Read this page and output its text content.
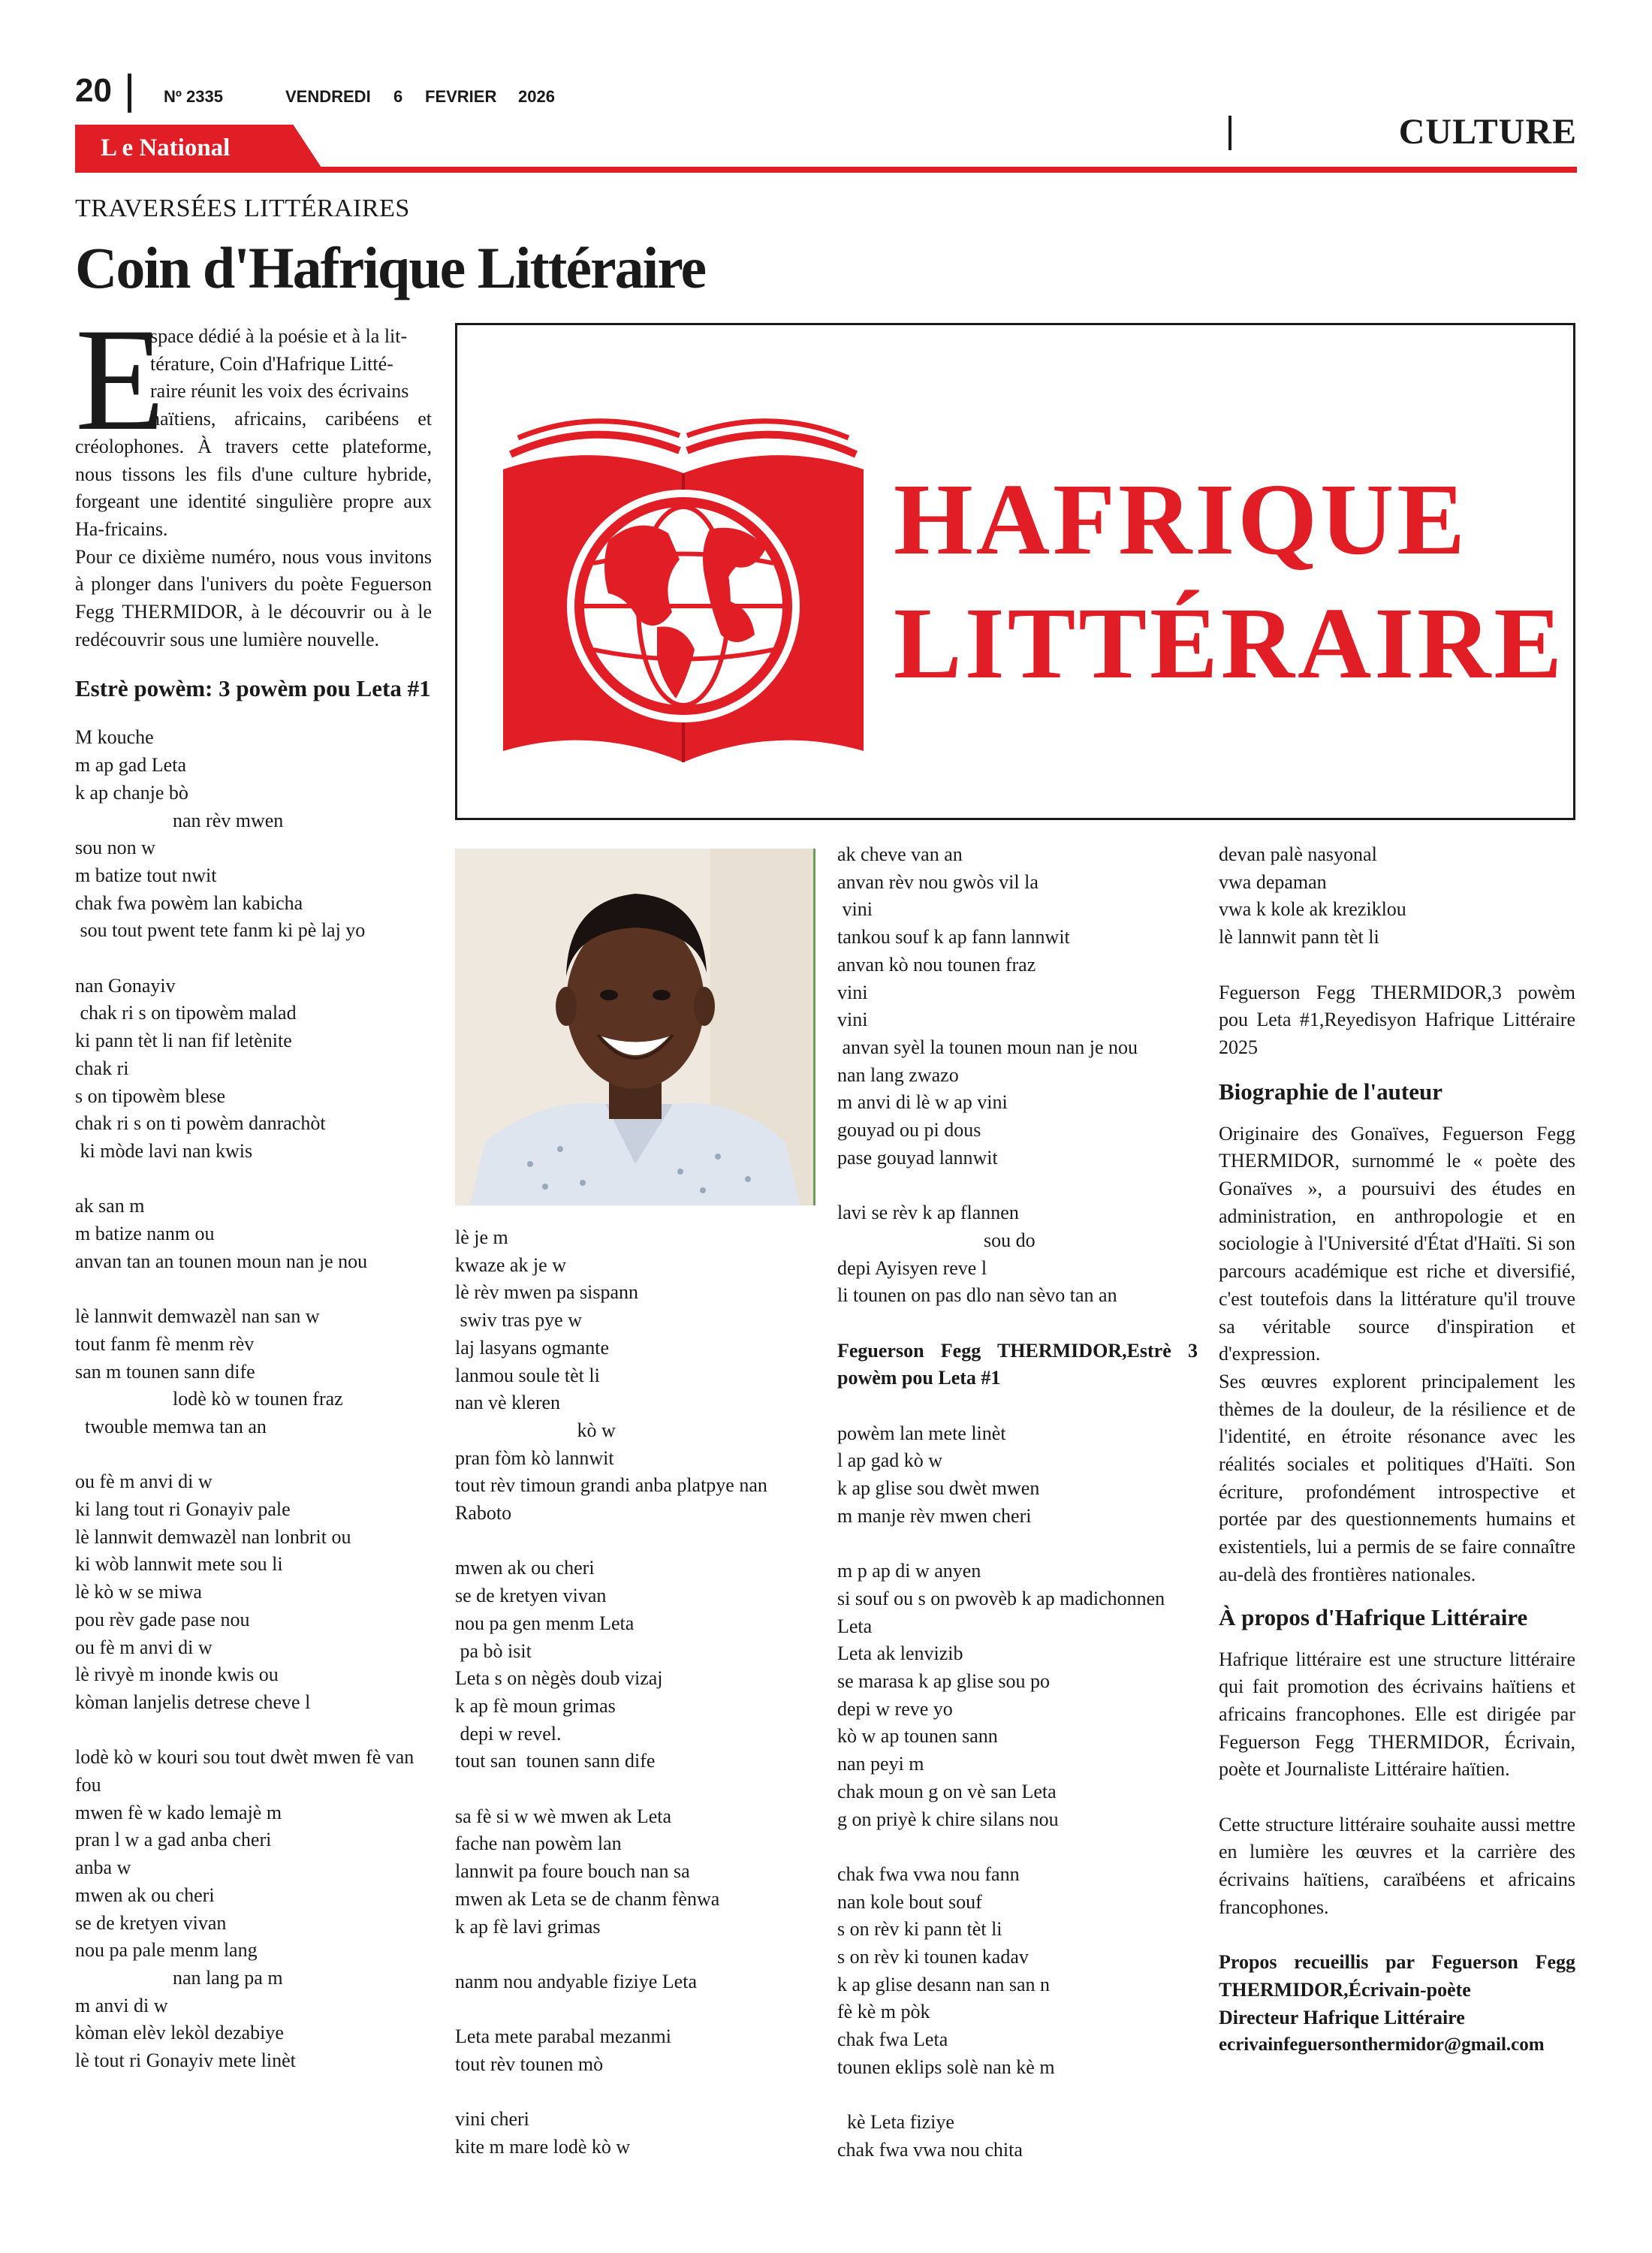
20	Nº 2335	VENDREDI 6 FEVRIER 2026
L e National	CULTURE
TRAVERSÉES LITTÉRAIRES
Coin d'Hafrique Littéraire
HAFRIQUE
LITTÉRAIRE
E

space dédié à la poésie et à la lit-

térature, Coin d'Hafrique Litté-

raire réunit les voix des écrivains

haïtiens, africains, caribéens et

créolophones. À travers cette plateforme, nous tissons les fils d'une culture hybride, forgeant une identité singulière propre aux Ha-fricains.

Pour ce dixième numéro, nous vous invitons à plonger dans l'univers du poète Feguerson Fegg THERMIDOR, à le découvrir ou à le redécouvrir sous une lumière nouvelle.

Estrè powèm: 3 powèm pou Leta #1

M kouche

m ap gad Leta

k ap chanje bò

nan rèv mwen

sou non w

m batize tout nwit

chak fwa powèm lan kabicha

sou tout pwent tete fanm ki pè laj yo

nan Gonayiv

chak ri s on tipowèm malad

ki pann tèt li nan fif letènite

chak ri

s on tipowèm blese

chak ri s on ti powèm danrachòt

ki mòde lavi nan kwis

ak san m

m batize nanm ou

anvan tan an tounen moun nan je nou

lè lannwit demwazèl nan san w

tout fanm fè menm rèv

san m tounen sann dife

lodè kò w tounen fraz

twouble memwa tan an

ou fè m anvi di w

ki lang tout ri Gonayiv pale

lè lannwit demwazèl nan lonbrit ou

ki wòb lannwit mete sou li

lè kò w se miwa

pou rèv gade pase nou

ou fè m anvi di w

lè rivyè m inonde kwis ou

kòman lanjelis detrese cheve l

lodè kò w kouri sou tout dwèt mwen fè van fou

mwen fè w kado lemajè m

pran l w a gad anba cheri

anba w

mwen ak ou cheri

se de kretyen vivan

nou pa pale menm lang

nan lang pa m

m anvi di w

kòman elèv lekòl dezabiye

lè tout ri Gonayiv mete linèt

lè je m

kwaze ak je w

lè rèv mwen pa sispann

swiv tras pye w

laj lasyans ogmante

lanmou soule tèt li

nan vè kleren

kò w

pran fòm kò lannwit

tout rèv timoun grandi anba platpye nan Raboto

mwen ak ou cheri

se de kretyen vivan

nou pa gen menm Leta

pa bò isit

Leta s on nègès doub vizaj

k ap fè moun grimas

depi w revel.

tout san  tounen sann dife

sa fè si w wè mwen ak Leta

fache nan powèm lan

lannwit pa foure bouch nan sa

mwen ak Leta se de chanm fènwa

k ap fè lavi grimas

nanm nou andyable fiziye Leta

Leta mete parabal mezanmi

tout rèv tounen mò

vini cheri

kite m mare lodè kò w

ak cheve van an

anvan rèv nou gwòs vil la

vini

tankou souf k ap fann lannwit

anvan kò nou tounen fraz

vini

vini

anvan syèl la tounen moun nan je nou

nan lang zwazo

m anvi di lè w ap vini

gouyad ou pi dous

pase gouyad lannwit

lavi se rèv k ap flannen

sou do

depi Ayisyen reve l

li tounen on pas dlo nan sèvo tan an

Feguerson Fegg THERMIDOR,Estrè 3 powèm pou Leta #1

powèm lan mete linèt

l ap gad kò w

k ap glise sou dwèt mwen

m manje rèv mwen cheri

m p ap di w anyen

si souf ou s on pwovèb k ap madichonnen Leta

Leta ak lenvizib

se marasa k ap glise sou po

depi w reve yo

kò w ap tounen sann

nan peyi m

chak moun g on vè san Leta

g on priyè k chire silans nou

chak fwa vwa nou fann

nan kole bout souf

s on rèv ki pann tèt li

s on rèv ki tounen kadav

k ap glise desann nan san n

fè kè m pòk

chak fwa Leta

tounen eklips solè nan kè m

kè Leta fiziye

chak fwa vwa nou chita

devan palè nasyonal

vwa depaman

vwa k kole ak kreziklou

lè lannwit pann tèt li

Feguerson Fegg THERMIDOR,3 powèm pou Leta #1,Reyedisyon Hafrique Littéraire 2025

Biographie de l'auteur

Originaire des Gonaïves, Feguerson Fegg THERMIDOR, surnommé le « poète des Gonaïves », a poursuivi des études en administration, en anthropologie et en sociologie à l'Université d'État d'Haïti. Si son parcours académique est riche et diversifié, c'est toutefois dans la littérature qu'il trouve sa véritable source d'inspiration et d'expression.

Ses œuvres explorent principalement les thèmes de la douleur, de la résilience et de l'identité, en étroite résonance avec les réalités sociales et politiques d'Haïti. Son écriture, profondément introspective et portée par des questionnements humains et existentiels, lui a permis de se faire connaître au-delà des frontières nationales.

À propos d'Hafrique Littéraire

Hafrique littéraire est une structure littéraire qui fait promotion des écrivains haïtiens et africains francophones. Elle est dirigée par Feguerson Fegg THERMIDOR, Écrivain, poète et Journaliste Littéraire haïtien.

Cette structure littéraire souhaite aussi mettre en lumière les œuvres et la carrière des écrivains haïtiens, caraïbéens et africains francophones.

Propos recueillis par Feguerson Fegg THERMIDOR,Écrivain-poète

Directeur Hafrique Littéraire

ecrivainfeguersonthermidor@gmail.com
